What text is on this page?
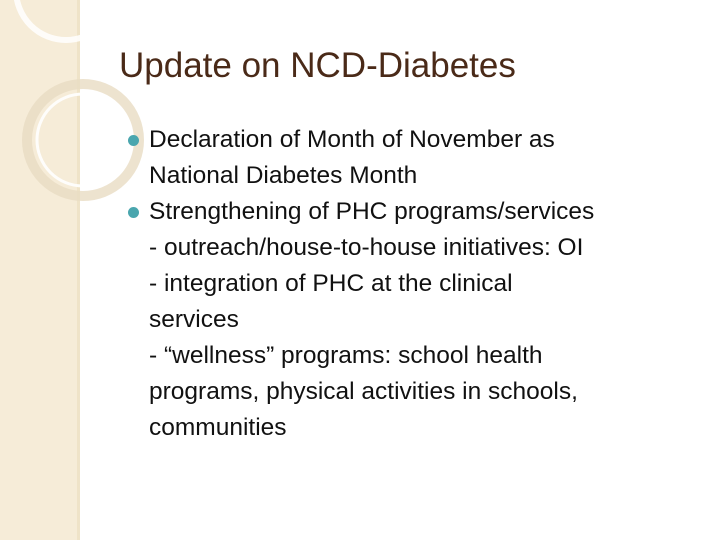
Update on NCD-Diabetes
Declaration of Month of November as
National Diabetes Month
Strengthening of PHC programs/services
- outreach/house-to-house initiatives: OI
- integration of PHC at the clinical
services
- “wellness” programs: school health
programs, physical activities in schools,
communities
